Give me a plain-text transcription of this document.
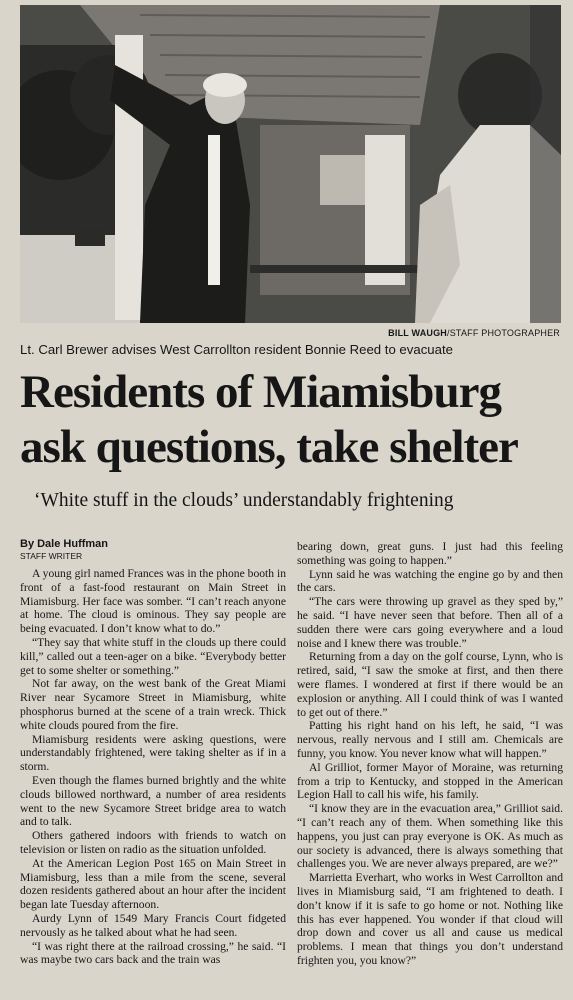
BILL WAUGH/STAFF PHOTOGRAPHER
Lt. Carl Brewer advises West Carrollton resident Bonnie Reed to evacuate
Residents of Miamisburg
ask questions, take shelter
‘White stuff in the clouds’ understandably frightening
By Dale Huffman
STAFF WRITER

A young girl named Frances was in the phone booth in front of a fast-food restaurant on Main Street in Miamisburg. Her face was somber. “I can’t reach anyone at home. The cloud is ominous. They say people are being evacuated. I don’t know what to do.”

“They say that white stuff in the clouds up there could kill,” called out a teen-ager on a bike. “Everybody better get to some shelter or something.”

Not far away, on the west bank of the Great Miami River near Sycamore Street in Miamisburg, white phosphorus burned at the scene of a train wreck. Thick white clouds poured from the fire.

Miamisburg residents were asking questions, were understandably frightened, were taking shelter as if in a storm.

Even though the flames burned brightly and the white clouds billowed northward, a number of area residents went to the new Sycamore Street bridge area to watch and to talk.

Others gathered indoors with friends to watch on television or listen on radio as the situation unfolded.

At the American Legion Post 165 on Main Street in Miamisburg, less than a mile from the scene, several dozen residents gathered about an hour after the incident began late Tuesday afternoon.

Aurdy Lynn of 1549 Mary Francis Court fidgeted nervously as he talked about what he had seen.

“I was right there at the railroad crossing,” he said. “I was maybe two cars back and the train was

bearing down, great guns. I just had this feeling something was going to happen.”

Lynn said he was watching the engine go by and then the cars.

“The cars were throwing up gravel as they sped by,” he said. “I have never seen that before. Then all of a sudden there were cars going everywhere and a loud noise and I knew there was trouble.”

Returning from a day on the golf course, Lynn, who is retired, said, “I saw the smoke at first, and then there were flames. I wondered at first if there would be an explosion or anything. All I could think of was I wanted to get out of there.”

Patting his right hand on his left, he said, “I was nervous, really nervous and I still am. Chemicals are funny, you know. You never know what will happen.”

Al Grilliot, former Mayor of Moraine, was returning from a trip to Kentucky, and stopped in the American Legion Hall to call his wife, his family.

“I know they are in the evacuation area,” Grilliot said. “I can’t reach any of them. When something like this happens, you just can pray everyone is OK. As much as our society is advanced, there is always something that challenges you. We are never always prepared, are we?”

Marrietta Everhart, who works in West Carrollton and lives in Miamisburg said, “I am frightened to death. I don’t know if it is safe to go home or not. Nothing like this has ever happened. You wonder if that cloud will drop down and cover us all and cause us medical problems. I mean that things you don’t understand frighten you, you know?”
